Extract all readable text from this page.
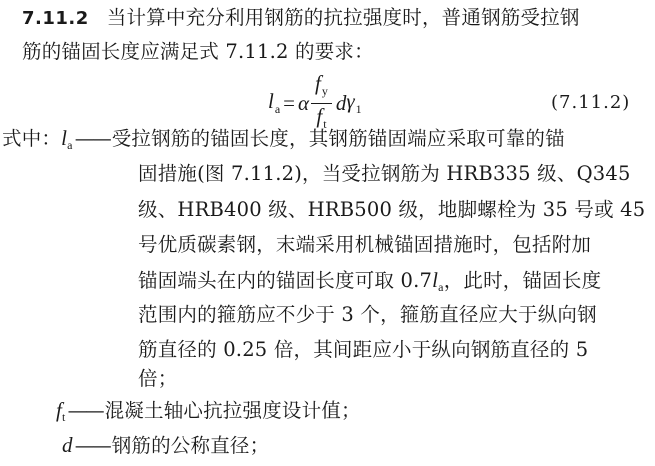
7.11.2 当计算中充分利用钢筋的抗拉强度时，普通钢筋受拉钢
筋的锚固长度应满足式 7.11.2 的要求：
$l_a = \alpha \frac{f_y}{f_t}$ d $\gamma_1$	(7.11.2)
式中：la —— 受拉钢筋的锚固长度，其钢筋锚固端应采取可靠的锚
固措施(图 7.11.2)，当受拉钢筋为 HRB335 级、Q345
级、HRB400 级、HRB500 级，地脚螺栓为 35 号或 45
号优质碳素钢，末端采用机械锚固措施时，包括附加
锚固端头在内的锚固长度可取 0.7la，此时，锚固长度
范围内的箍筋应不少于 3 个，箍筋直径应大于纵向钢
筋直径的 0.25 倍，其间距应小于纵向钢筋直径的 5
倍；
ft —— 混凝土轴心抗拉强度设计值；
d —— 钢筋的公称直径；
